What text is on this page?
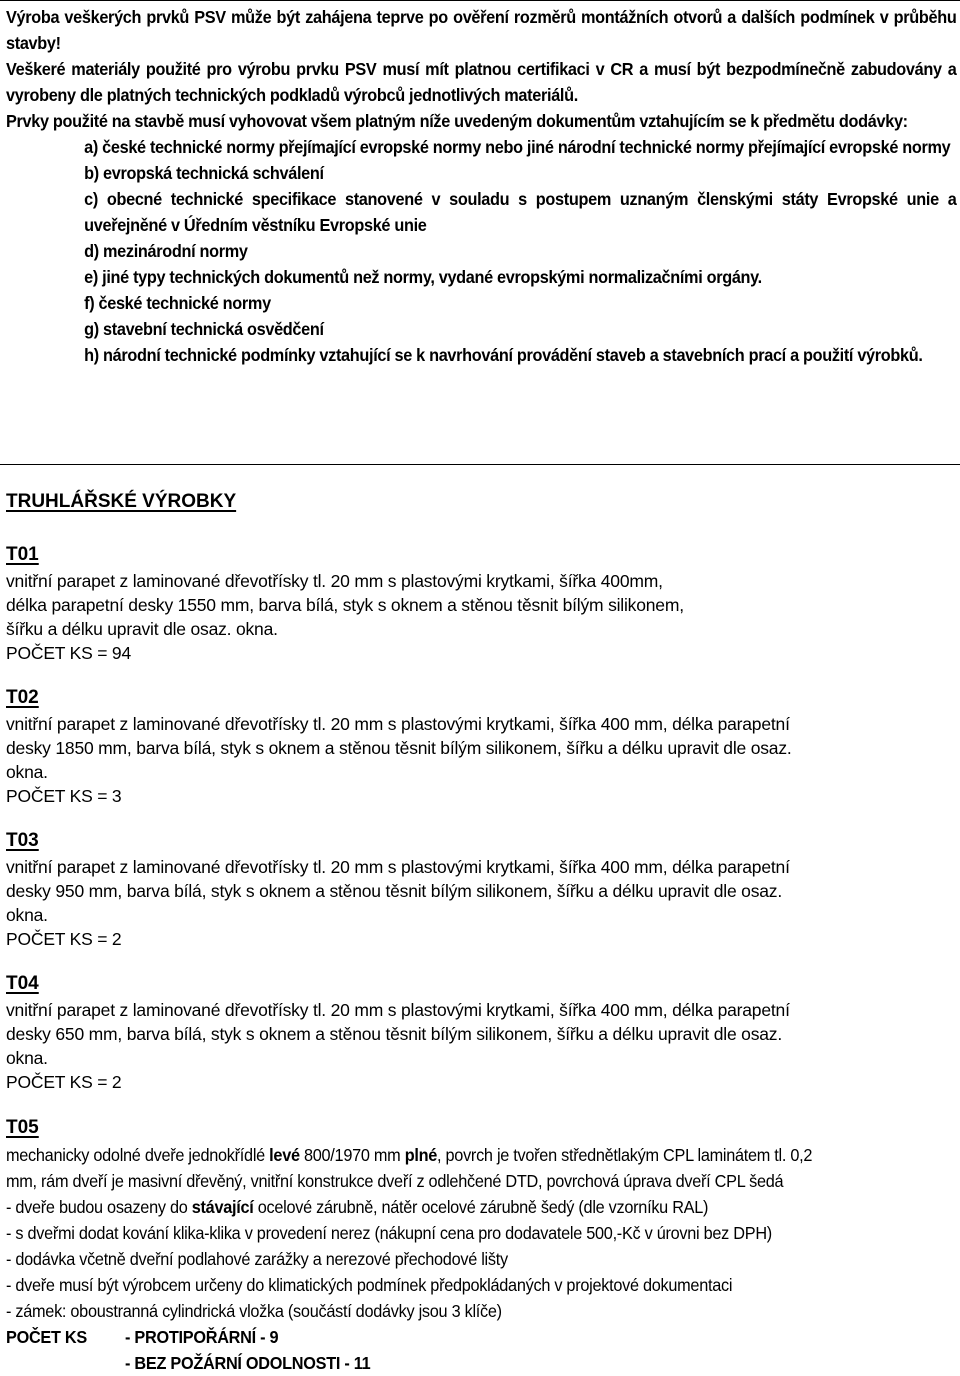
Výroba veškerých prvků PSV může být zahájena teprve po ověření rozměrů montážních otvorů a dalších podmínek v průběhu stavby!

Veškeré materiály použité pro výrobu prvku PSV musí mít platnou certifikaci v CR a musí být bezpodmínečně zabudovány a vyrobeny dle platných technických podkladů výrobců jednotlivých materiálů.

Prvky použité na stavbě musí vyhovovat všem platným níže uvedeným dokumentům vztahujícím se k předmětu dodávky:

a) české technické normy přejímající evropské normy nebo jiné národní technické normy přejímající evropské normy

b) evropská technická schválení

c) obecné technické specifikace stanovené v souladu s postupem uznaným členskými státy Evropské unie a uveřejněné v Úředním věstníku Evropské unie

d) mezinárodní normy

e) jiné typy technických dokumentů než normy, vydané evropskými normalizačními orgány.

f) české technické normy

g) stavební technická osvědčení

h) národní technické podmínky vztahující se k navrhování provádění staveb a stavebních prací a použití výrobků.

TRUHLÁŘSKÉ VÝROBKY
T01
vnitřní parapet z laminované dřevotřísky tl. 20 mm s plastovými krytkami, šířka 400mm,
délka parapetní desky 1550 mm, barva bílá, styk s oknem a stěnou těsnit bílým silikonem,
šířku a délku upravit dle osaz. okna.
POČET KS = 94
T02
vnitřní parapet z laminované dřevotřísky tl. 20 mm s plastovými krytkami, šířka 400 mm, délka parapetní
desky 1850 mm, barva bílá, styk s oknem a stěnou těsnit bílým silikonem, šířku a délku upravit dle osaz.
okna.
POČET KS = 3
T03
vnitřní parapet z laminované dřevotřísky tl. 20 mm s plastovými krytkami, šířka 400 mm, délka parapetní
desky 950 mm, barva bílá, styk s oknem a stěnou těsnit bílým silikonem, šířku a délku upravit dle osaz.
okna.
POČET KS = 2
T04
vnitřní parapet z laminované dřevotřísky tl. 20 mm s plastovými krytkami, šířka 400 mm, délka parapetní
desky 650 mm, barva bílá, styk s oknem a stěnou těsnit bílým silikonem, šířku a délku upravit dle osaz.
okna.
POČET KS = 2
T05
mechanicky odolné dveře jednokřídlé levé 800/1970 mm plné, povrch je tvořen střednětlakým CPL laminátem tl. 0,2
mm, rám dveří je masivní dřevěný, vnitřní konstrukce dveří z odlehčené DTD, povrchová úprava dveří CPL šedá
- dveře budou osazeny do stávající ocelové zárubně, nátěr ocelové zárubně šedý (dle vzorníku RAL)
- s dveřmi dodat kování klika-klika v provedení nerez (nákupní cena pro dodavatele 500,-Kč v úrovni bez DPH)
- dodávka včetně dveřní podlahové zarážky a nerezové přechodové lišty
- dveře musí být výrobcem určeny do klimatických podmínek předpokládaných v projektové dokumentaci
- zámek: oboustranná cylindrická vložka (součástí dodávky jsou 3 klíče)
POČET KS - PROTIPOŘÁRNÍ - 9
- BEZ POŽÁRNÍ ODOLNOSTI - 11
